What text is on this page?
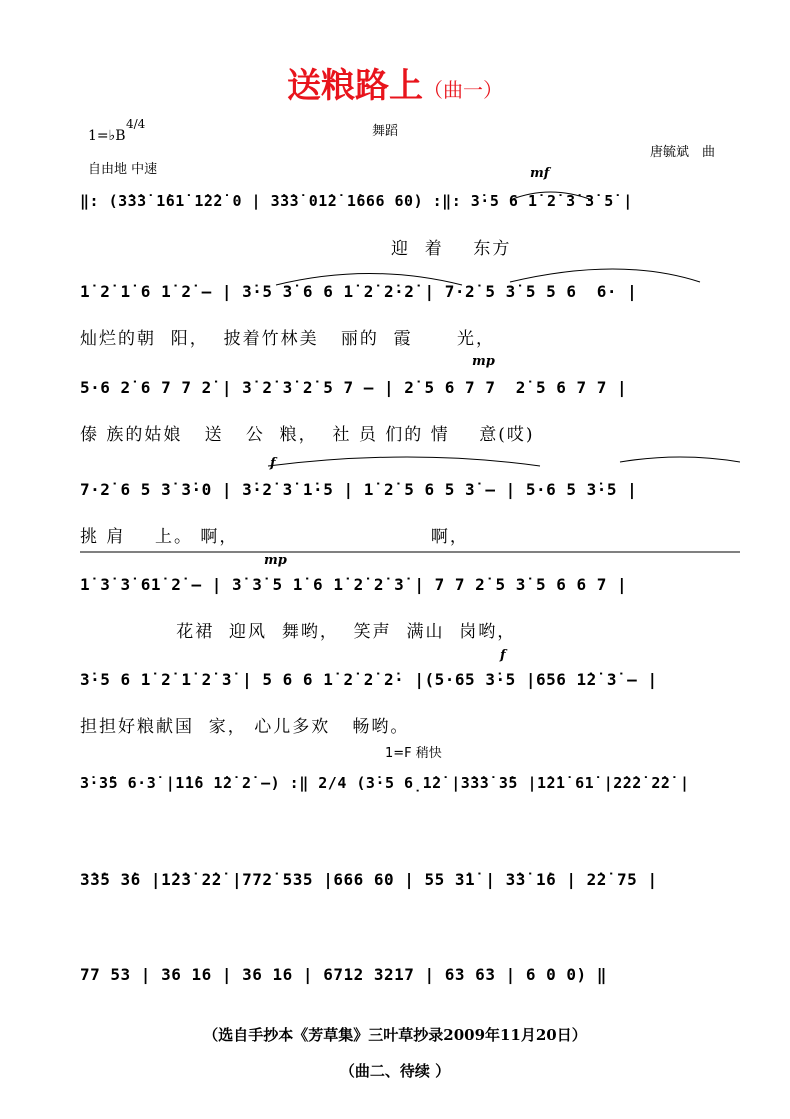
送粮路上（曲一）
1=♭B
4/4	舞蹈
唐毓斌　曲
自由地 中速	mf
‖: (3̇3̇3̇ 1̇61̇ 1̇2̇2̇ 0 | 3̇3̇3̇ 01̇2̇ 1̇666 60) :‖: 3̇·5 6 1̇ 2̇ 3̇ 3̇ 5̇ |
迎  着    东方
1̇ 2̇ 1̇ 6 1̇ 2̇ – | 3̇·5 3̇ 6 6 1̇ 2̇ 2̇·2̇ | 7·2̇ 5 3̇ 5 5 6  6· |
灿烂的朝  阳，  披着竹林美   丽的  霞      光，
mp
5·6 2̇ 6 7 7 2̇ | 3̇ 2̇ 3̇ 2̇ 5 7 – | 2̇ 5 6 7 7  2̇ 5 6 7 7 |
傣 族的姑娘   送   公  粮，  社 员 们的 情    意(哎)
f
7·2̇ 6 5 3̇ 3̇·0 | 3̇·2̇ 3̇ 1̇·5 | 1̇ 2̇ 5 6 5 3̇ – | 5·6 5 3̇·5 |
挑 肩    上。 啊，                          啊，
mp
1̇ 3̇ 3̇ 61̇ 2̇ – | 3̇ 3̇ 5 1̇ 6 1̇ 2̇ 2̇ 3̇ | 7 7 2̇ 5 3̇ 5 6 6 7 |
花裙  迎风  舞哟，  笑声  满山  岗哟，
f
3̇·5 6 1̇ 2̇ 1̇ 2̇ 3̇ | 5 6 6 1̇ 2̇ 2̇ 2̇· |(5·65 3̇·5 |656 1̇2̇ 3̇ – |
担担好粮献国  家， 心儿多欢   畅哟。
1=F 稍快
3̇·3̇5 6·3̇ |1̇1̇6 1̇2̇ 2̇ –) :‖ 2/4 (3̇·5 6̣1̇2̇ |3̇3̇3̇ 3̇5 |1̇2̇1̇ 61̇ |2̇2̇2̇ 2̇2̇ |
3̇3̇5 3̇6 |1̇2̇3̇ 2̇2̇ |772̇ 535 |666 60 | 55 3̇1̇ | 3̇3̇ 1̇6 | 2̇2̇ 75 |
77 53 | 36 16 | 36 16 | 6712 3217 | 63 63 | 6 0 0) ‖
（选自手抄本《芳草集》三叶草抄录2009年11月20日）
（曲二、待续 ）
